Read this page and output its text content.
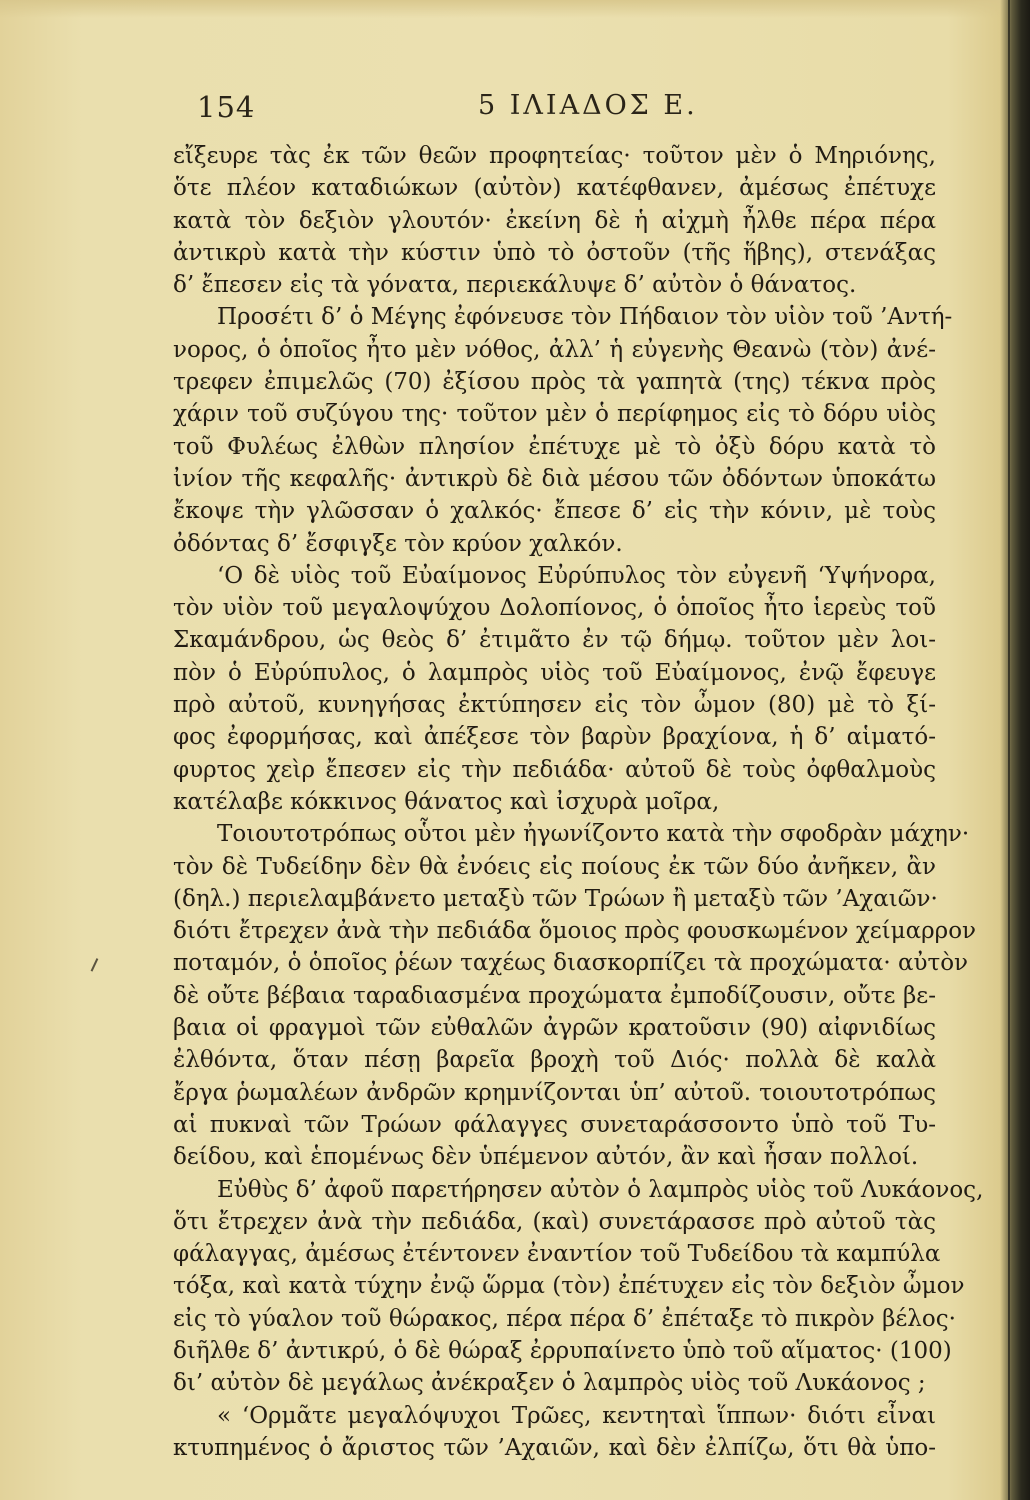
154	5 ΙΛΙΑΔΟΣ Ε.
εἴξευρε τὰς ἐκ τῶν θεῶν προφητείας· τοῦτον μὲν ὁ Μηριόνης,
ὅτε πλέον καταδιώκων (αὐτὸν) κατέφθανεν, ἀμέσως ἐπέτυχε
κατὰ τὸν δεξιὸν γλουτόν· ἐκείνη δὲ ἡ αἰχμὴ ἦλθε πέρα πέρα
ἀντικρὺ κατὰ τὴν κύστιν ὑπὸ τὸ ὀστοῦν (τῆς ἥβης), στενάξας
δ’ ἔπεσεν εἰς τὰ γόνατα, περιεκάλυψε δ’ αὐτὸν ὁ θάνατος.
Προσέτι δ’ ὁ Μέγης ἐφόνευσε τὸν Πήδαιον τὸν υἱὸν τοῦ ’Αντή-
νορος, ὁ ὁποῖος ἦτο μὲν νόθος, ἀλλ’ ἡ εὐγενὴς Θεανὼ (τὸν) ἀνέ-
τρεφεν ἐπιμελῶς (70) ἐξίσου πρὸς τὰ γαπητὰ (της) τέκνα πρὸς
χάριν τοῦ συζύγου της· τοῦτον μὲν ὁ περίφημος εἰς τὸ δόρυ υἱὸς
τοῦ Φυλέως ἐλθὼν πλησίον ἐπέτυχε μὲ τὸ ὀξὺ δόρυ κατὰ τὸ
ἰνίον τῆς κεφαλῆς· ἀντικρὺ δὲ διὰ μέσου τῶν ὀδόντων ὑποκάτω
ἔκοψε τὴν γλῶσσαν ὁ χαλκός· ἔπεσε δ’ εἰς τὴν κόνιν, μὲ τοὺς
ὀδόντας δ’ ἔσφιγξε τὸν κρύον χαλκόν.
‘Ο δὲ υἱὸς τοῦ Εὐαίμονος Εὐρύπυλος τὸν εὐγενῆ ‘Υψήνορα,
τὸν υἱὸν τοῦ μεγαλοψύχου Δολοπίονος, ὁ ὁποῖος ἦτο ἱερεὺς τοῦ
Σκαμάνδρου, ὡς θεὸς δ’ ἐτιμᾶτο ἐν τῷ δήμῳ. τοῦτον μὲν λοι-
πὸν ὁ Εὐρύπυλος, ὁ λαμπρὸς υἱὸς τοῦ Εὐαίμονος, ἐνῷ ἔφευγε
πρὸ αὐτοῦ, κυνηγήσας ἐκτύπησεν εἰς τὸν ὦμον (80) μὲ τὸ ξί-
φος ἐφορμήσας, καὶ ἀπέξεσε τὸν βαρὺν βραχίονα, ἡ δ’ αἱματό-
φυρτος χεὶρ ἔπεσεν εἰς τὴν πεδιάδα· αὐτοῦ δὲ τοὺς ὀφθαλμοὺς
κατέλαβε κόκκινος θάνατος καὶ ἰσχυρὰ μοῖρα,
Τοιουτοτρόπως οὗτοι μὲν ἠγωνίζοντο κατὰ τὴν σφοδρὰν μάχην·
τὸν δὲ Τυδείδην δὲν θὰ ἐνόεις εἰς ποίους ἐκ τῶν δύο ἀνῆκεν, ἂν
(δηλ.) περιελαμβάνετο μεταξὺ τῶν Τρώων ἢ μεταξὺ τῶν ’Αχαιῶν·
διότι ἔτρεχεν ἀνὰ τὴν πεδιάδα ὅμοιος πρὸς φουσκωμένον χείμαρρον
ποταμόν, ὁ ὁποῖος ῥέων ταχέως διασκορπίζει τὰ προχώματα· αὐτὸν
δὲ οὔτε βέβαια ταραδιασμένα προχώματα ἐμποδίζουσιν, οὔτε βε-
βαια οἱ φραγμοὶ τῶν εὐθαλῶν ἀγρῶν κρατοῦσιν (90) αἰφνιδίως
ἐλθόντα, ὅταν πέσῃ βαρεῖα βροχὴ τοῦ Διός· πολλὰ δὲ καλὰ
ἔργα ῥωμαλέων ἀνδρῶν κρημνίζονται ὑπ’ αὐτοῦ. τοιουτοτρόπως
αἱ πυκναὶ τῶν Τρώων φάλαγγες συνεταράσσοντο ὑπὸ τοῦ Τυ-
δείδου, καὶ ἑπομένως δὲν ὑπέμενον αὐτόν, ἂν καὶ ἦσαν πολλοί.
Εὐθὺς δ’ ἀφοῦ παρετήρησεν αὐτὸν ὁ λαμπρὸς υἱὸς τοῦ Λυκάονος,
ὅτι ἔτρεχεν ἀνὰ τὴν πεδιάδα, (καὶ) συνετάρασσε πρὸ αὐτοῦ τὰς
φάλαγγας, ἀμέσως ἐτέντονεν ἐναντίον τοῦ Τυδείδου τὰ καμπύλα
τόξα, καὶ κατὰ τύχην ἐνῷ ὥρμα (τὸν) ἐπέτυχεν εἰς τὸν δεξιὸν ὦμον
εἰς τὸ γύαλον τοῦ θώρακος, πέρα πέρα δ’ ἐπέταξε τὸ πικρὸν βέλος·
διῆλθε δ’ ἀντικρύ, ὁ δὲ θώραξ ἐρρυπαίνετο ὑπὸ τοῦ αἵματος· (100)
δι’ αὐτὸν δὲ μεγάλως ἀνέκραξεν ὁ λαμπρὸς υἱὸς τοῦ Λυκάονος ;
« ‘Ορμᾶτε μεγαλόψυχοι Τρῶες, κεντηταὶ ἵππων· διότι εἶναι
κτυπημένος ὁ ἄριστος τῶν ’Αχαιῶν, καὶ δὲν ἐλπίζω, ὅτι θὰ ὑπο-
